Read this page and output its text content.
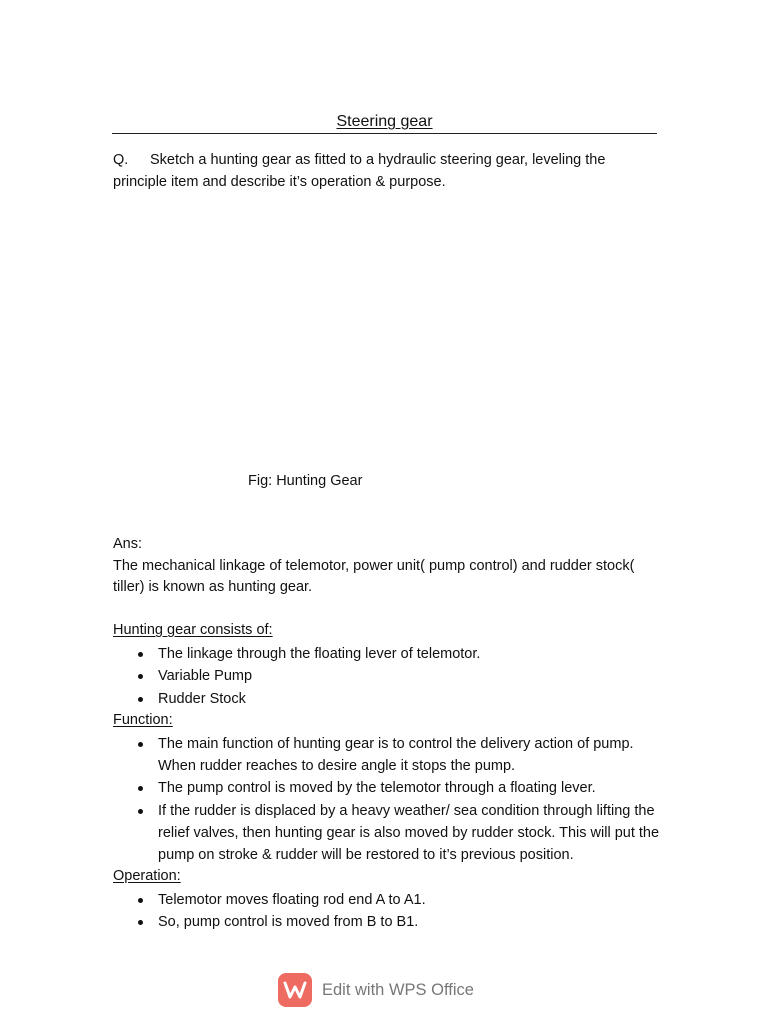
Steering gear
Q. Sketch a hunting gear as fitted to a hydraulic steering gear, leveling the principle item and describe it’s operation & purpose.
Fig: Hunting Gear

Ans:

The mechanical linkage of telemotor, power unit( pump control) and rudder stock( tiller) is known as hunting gear.

Hunting gear consists of:

The linkage through the floating lever of telemotor.
Variable Pump
Rudder Stock

Function:

The main function of hunting gear is to control the delivery action of pump. When rudder reaches to desire angle it stops the pump.
The pump control is moved by the telemotor through a floating lever.
If the rudder is displaced by a heavy weather/ sea condition through lifting the relief valves, then hunting gear is also moved by rudder stock. This will put the pump on stroke & rudder will be restored to it’s previous position.

Operation:

Telemotor moves floating rod end A to A1.
So, pump control is moved from B to B1.
Edit with WPS Office
